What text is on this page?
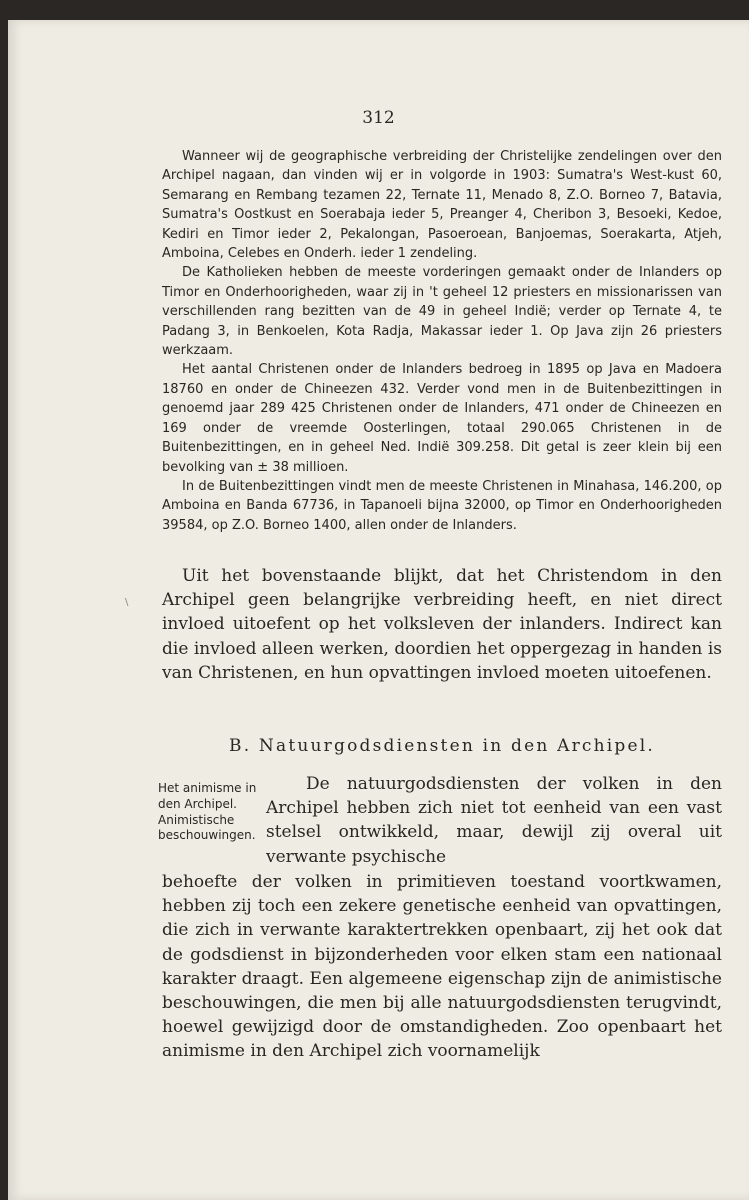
312

Wanneer wij de geographische verbreiding der Christelijke zendelingen over den Archipel nagaan, dan vinden wij er in volgorde in 1903: Sumatra's West-kust 60, Semarang en Rembang tezamen 22, Ternate 11, Menado 8, Z.O. Borneo 7, Batavia, Sumatra's Oostkust en Soerabaja ieder 5, Preanger 4, Cheribon 3, Besoeki, Kedoe, Kediri en Timor ieder 2, Pekalongan, Pasoeroean, Banjoemas, Soerakarta, Atjeh, Amboina, Celebes en Onderh. ieder 1 zendeling.

De Katholieken hebben de meeste vorderingen gemaakt onder de Inlanders op Timor en Onderhoorigheden, waar zij in 't geheel 12 priesters en missionarissen van verschillenden rang bezitten van de 49 in geheel Indië; verder op Ternate 4, te Padang 3, in Benkoelen, Kota Radja, Makassar ieder 1. Op Java zijn 26 priesters werkzaam.

Het aantal Christenen onder de Inlanders bedroeg in 1895 op Java en Madoera 18760 en onder de Chineezen 432. Verder vond men in de Buitenbezittingen in genoemd jaar 289 425 Christenen onder de Inlanders, 471 onder de Chineezen en 169 onder de vreemde Oosterlingen, totaal 290.065 Christenen in de Buitenbezittingen, en in geheel Ned. Indië 309.258. Dit getal is zeer klein bij een bevolking van ± 38 millioen.

In de Buitenbezittingen vindt men de meeste Christenen in Minahasa, 146.200, op Amboina en Banda 67736, in Tapanoeli bijna 32000, op Timor en Onderhoorigheden 39584, op Z.O. Borneo 1400, allen onder de Inlanders.

\

Uit het bovenstaande blijkt, dat het Christendom in den Archipel geen belangrijke verbreiding heeft, en niet direct invloed uitoefent op het volksleven der inlanders. Indirect kan die invloed alleen werken, doordien het oppergezag in handen is van Christenen, en hun opvattingen invloed moeten uitoefenen.

B. Natuurgodsdiensten in den Archipel.

Het animisme in den Archipel. Animistische beschouwingen.

De natuurgodsdiensten der volken in den Archipel hebben zich niet tot eenheid van een vast stelsel ontwikkeld, maar, dewijl zij overal uit verwante psychische

behoefte der volken in primitieven toestand voortkwamen, hebben zij toch een zekere genetische eenheid van opvattingen, die zich in verwante karaktertrekken openbaart, zij het ook dat de godsdienst in bijzonderheden voor elken stam een nationaal karakter draagt. Een algemeene eigenschap zijn de animistische beschouwingen, die men bij alle natuurgodsdiensten terugvindt, hoewel gewijzigd door de omstandigheden. Zoo openbaart het animisme in den Archipel zich voornamelijk
